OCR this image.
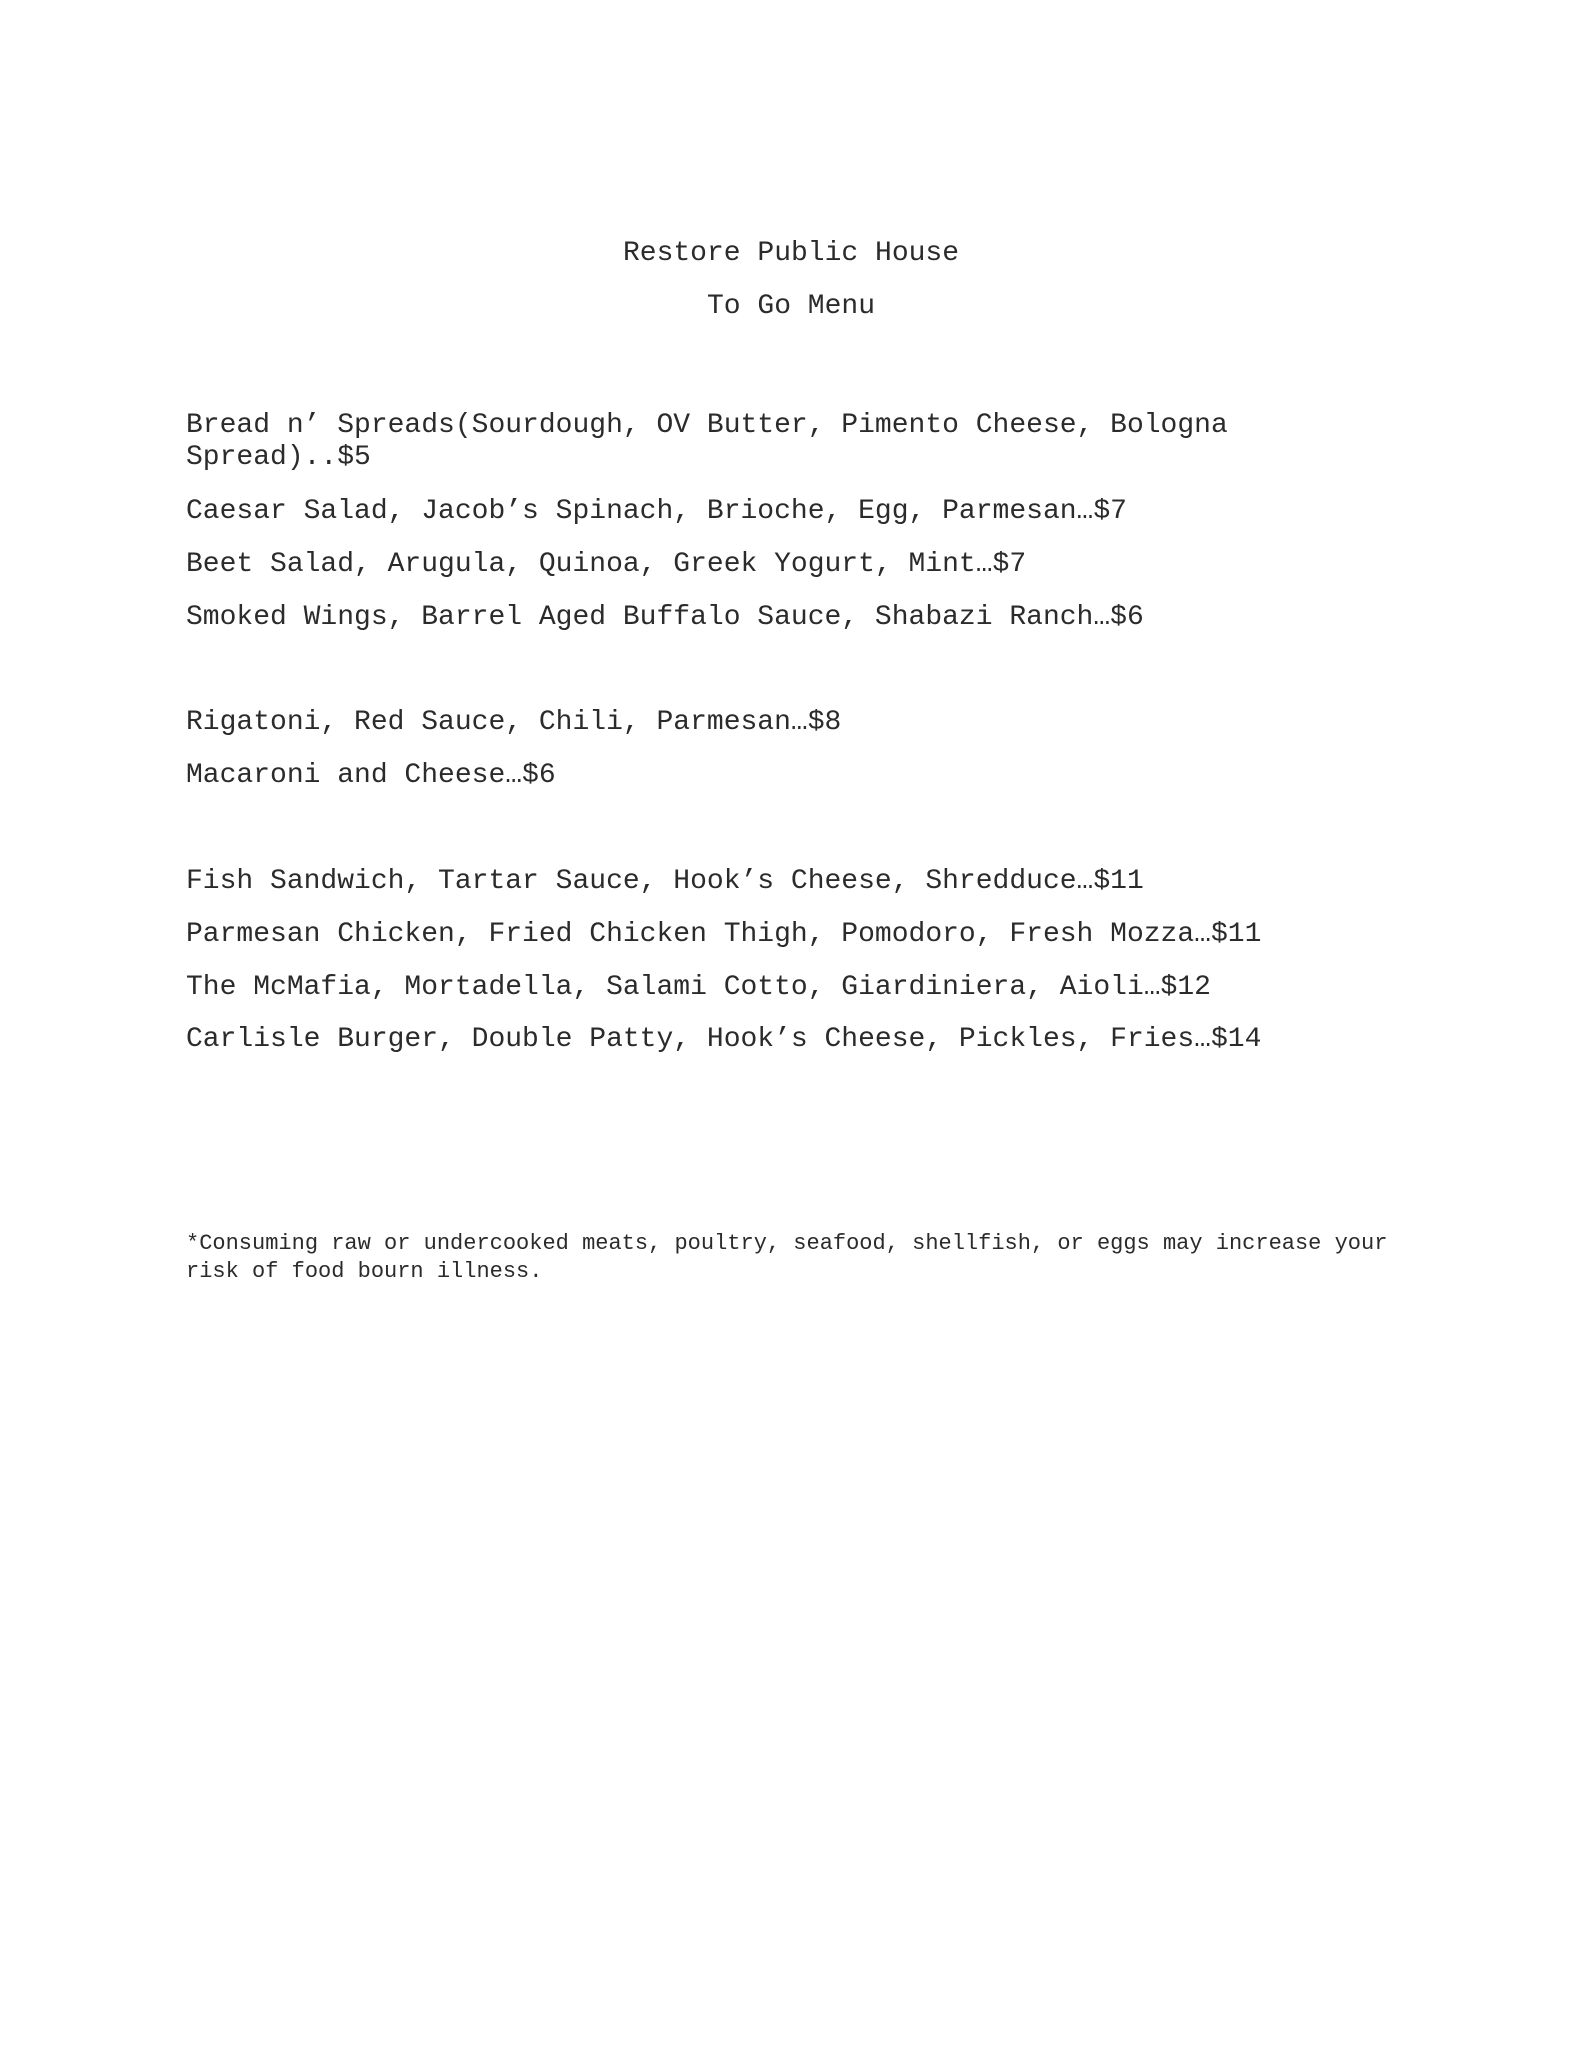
Restore Public House
To Go Menu
Bread n’ Spreads(Sourdough, OV Butter, Pimento Cheese, Bologna Spread)..$5
Caesar Salad, Jacob’s Spinach, Brioche, Egg, Parmesan…$7
Beet Salad, Arugula, Quinoa, Greek Yogurt, Mint…$7
Smoked Wings, Barrel Aged Buffalo Sauce, Shabazi Ranch…$6
Rigatoni, Red Sauce, Chili, Parmesan…$8
Macaroni and Cheese…$6
Fish Sandwich, Tartar Sauce, Hook’s Cheese, Shredduce…$11
Parmesan Chicken, Fried Chicken Thigh, Pomodoro, Fresh Mozza…$11
The McMafia, Mortadella, Salami Cotto, Giardiniera, Aioli…$12
Carlisle Burger, Double Patty, Hook’s Cheese, Pickles, Fries…$14
*Consuming raw or undercooked meats, poultry, seafood, shellfish, or eggs may increase your risk of food bourn illness.
